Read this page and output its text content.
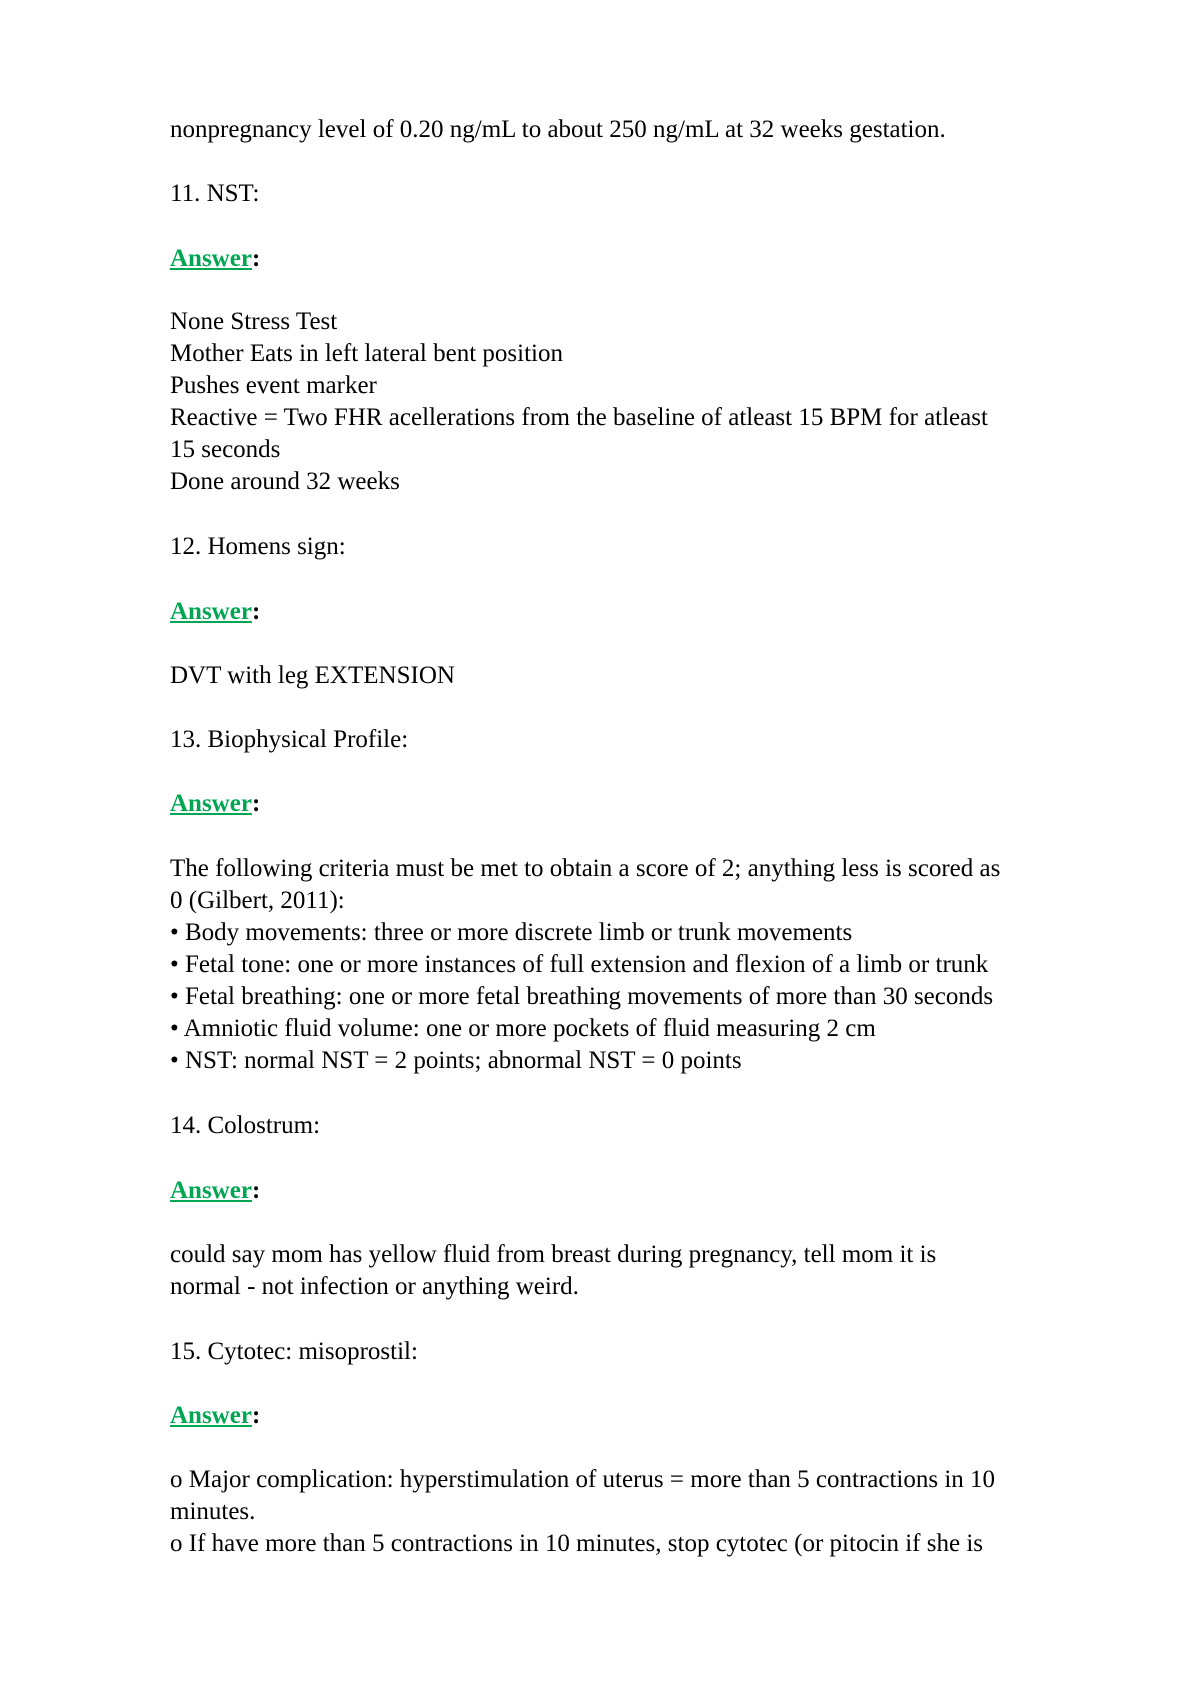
nonpregnancy level of 0.20 ng/mL to about 250 ng/mL at 32 weeks gestation.
11. NST:
Answer:
None Stress Test
Mother Eats in left lateral bent position
Pushes event marker
Reactive = Two FHR acellerations from the baseline of atleast 15 BPM for atleast
15 seconds
Done around 32 weeks
12. Homens sign:
Answer:
DVT with leg EXTENSION
13. Biophysical Profile:
Answer:
The following criteria must be met to obtain a score of 2; anything less is scored as
0 (Gilbert, 2011):
• Body movements: three or more discrete limb or trunk movements
• Fetal tone: one or more instances of full extension and flexion of a limb or trunk
• Fetal breathing: one or more fetal breathing movements of more than 30 seconds
• Amniotic fluid volume: one or more pockets of fluid measuring 2 cm
• NST: normal NST = 2 points; abnormal NST = 0 points
14. Colostrum:
Answer:
could say mom has yellow fluid from breast during pregnancy, tell mom it is
normal - not infection or anything weird.
15. Cytotec: misoprostil:
Answer:
o Major complication: hyperstimulation of uterus = more than 5 contractions in 10
minutes.
o If have more than 5 contractions in 10 minutes, stop cytotec (or pitocin if she is
